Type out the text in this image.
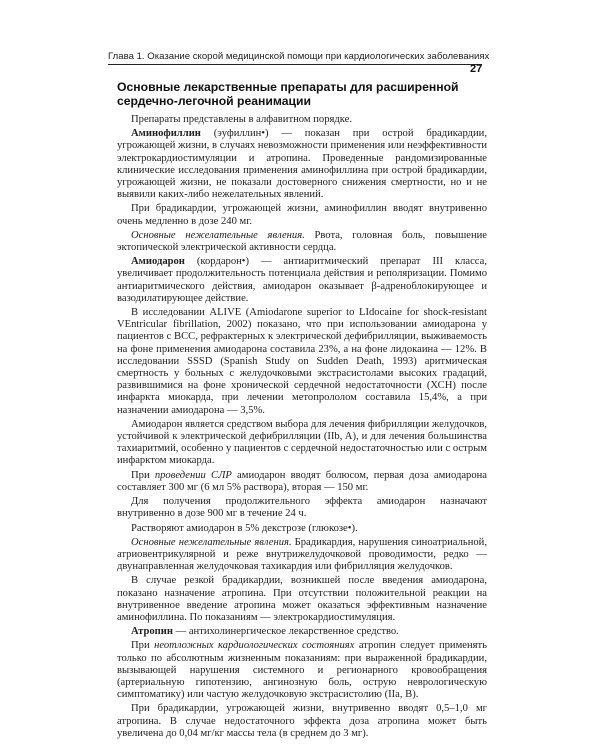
Глава 1. Оказание скорой медицинской помощи при кардиологических заболеваниях
27
Основные лекарственные препараты для расширенной сердечно-легочной реанимации

Препараты представлены в алфавитном порядке.

Аминофиллин (эуфиллин•) — показан при острой брадикардии, угрожающей жизни, в случаях невозможности применения или неэффективности электрокардиостимуляции и атропина. Проведенные рандомизированные клинические исследования применения аминофиллина при острой брадикардии, угрожающей жизни, не показали достоверного снижения смертности, но и не выявили каких-либо нежелательных явлений.

При брадикардии, угрожающей жизни, аминофиллин вводят внутривенно очень медленно в дозе 240 мг.

Основные нежелательные явления. Рвота, головная боль, повышение эктопической электрической активности сердца.

Амиодарон (кордарон•) — антиаритмический препарат III класса, увеличивает продолжительность потенциала действия и реполяризации. Помимо антиаритмического действия, амиодарон оказывает β-адреноблокирующее и вазодилатирующее действие.

В исследовании ALIVE (Amiodarone superior to LIdocaine for shock-resistant VEntricular fibrillation, 2002) показано, что при использовании амиодарона у пациентов с ВСС, рефрактерных к электрической дефибрилляции, выживаемость на фоне применения амиодарона составила 23%, а на фоне лидокаина — 12%. В исследовании SSSD (Spanish Study on Sudden Death, 1993) аритмическая смертность у больных с желудочковыми экстрасистолами высоких градаций, развившимися на фоне хронической сердечной недостаточности (ХСН) после инфаркта миокарда, при лечении метопрололом составила 15,4%, а при назначении амиодарона — 3,5%.

Амиодарон является средством выбора для лечения фибрилляции желудочков, устойчивой к электрической дефибрилляции (IIb, A), и для лечения большинства тахиаритмий, особенно у пациентов с сердечной недостаточностью или с острым инфарктом миокарда.

При проведении СЛР амиодарон вводят болюсом, первая доза амиодарона составляет 300 мг (6 мл 5% раствора), вторая — 150 мг.

Для получения продолжительного эффекта амиодарон назначают внутривенно в дозе 900 мг в течение 24 ч.

Растворяют амиодарон в 5% декстрозе (глюкозе•).

Основные нежелательные явления. Брадикардия, нарушения синоатриальной, атриовентрикулярной и реже внутрижелудочковой проводимости, редко — двунаправленная желудочковая тахикардия или фибрилляция желудочков.

В случае резкой брадикардии, возникшей после введения амиодарона, показано назначение атропина. При отсутствии положительной реакции на внутривенное введение атропина может оказаться эффективным назначение аминофиллина. По показаниям — электрокардиостимуляция.

Атропин — антихолинергическое лекарственное средство.

При неотложных кардиологических состояниях атропин следует применять только по абсолютным жизненным показаниям: при выраженной брадикардии, вызывающей нарушения системного и регионарного кровообращения (артериальную гипотензию, ангинозную боль, острую неврологическую симптоматику) или частую желудочковую экстрасистолию (IIa, B).

При брадикардии, угрожающей жизни, внутривенно вводят 0,5–1,0 мг атропина. В случае недостаточного эффекта доза атропина может быть увеличена до 0,04 мг/кг массы тела (в среднем до 3 мг).
